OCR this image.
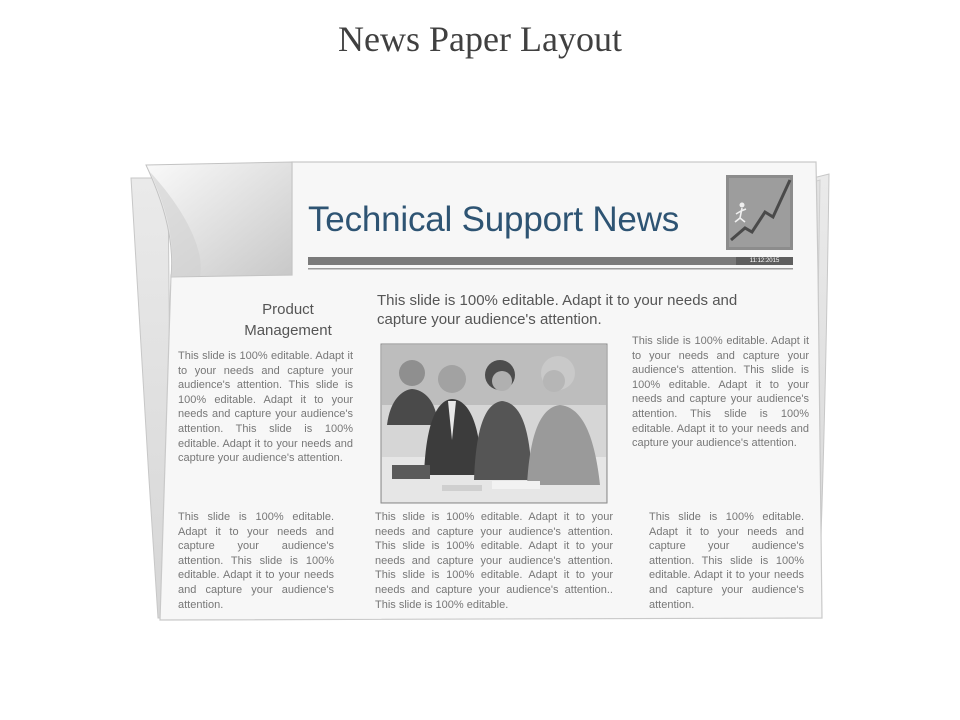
News Paper Layout
Technical Support News
11:12:2015
Product Management
This slide is 100% editable. Adapt it to your needs and capture your audience's attention.

This slide is 100% editable. Adapt it to your needs and capture your audience's attention. This slide is 100% editable. Adapt it to your needs and capture your audience's attention. This slide is 100% editable. Adapt it to your needs and capture your audience's attention.

This slide is 100% editable. Adapt it to your needs and capture your audience's attention. This slide is 100% editable. Adapt it to your needs and capture your audience's attention. This slide is 100% editable. Adapt it to your needs and capture your audience's attention.

This slide is 100% editable. Adapt it to your needs and capture your audience's attention. This slide is 100% editable. Adapt it to your needs and capture your audience's attention.

This slide is 100% editable. Adapt it to your needs and capture your audience's attention. This slide is 100% editable. Adapt it to your needs and capture your audience's attention. This slide is 100% editable. Adapt it to your needs and capture your audience's attention.. This slide is 100% editable.

This slide is 100% editable. Adapt it to your needs and capture your audience's attention. This slide is 100% editable. Adapt it to your needs and capture your audience's attention.
